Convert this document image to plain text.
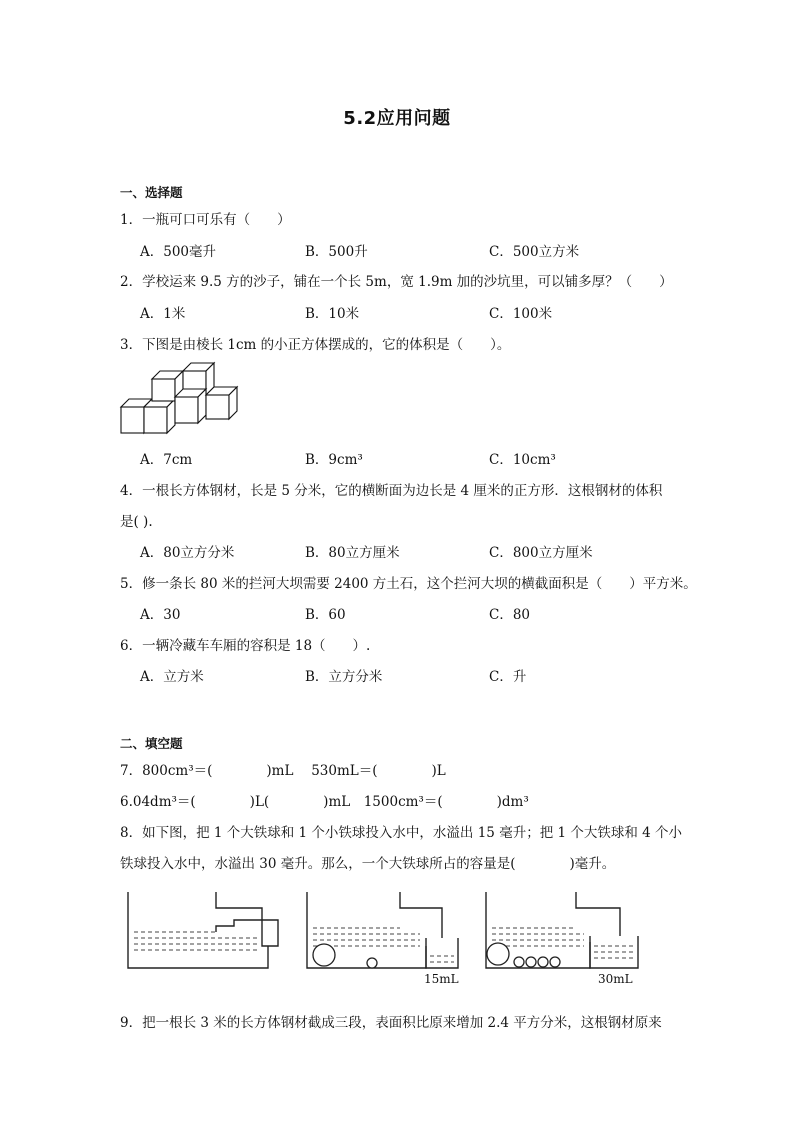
5.2应用问题
一、选择题
1．一瓶可口可乐有（　　）
A．500毫升	B．500升	C．500立方米
2．学校运来 9.5 方的沙子，铺在一个长 5m，宽 1.9m 加的沙坑里，可以铺多厚？（　　）
A．1米	B．10米	C．100米
3．下图是由棱长 1cm 的小正方体摆成的，它的体积是（　　）。
A．7cm	B．9cm³	C．10cm³
4．一根长方体钢材，长是 5 分米，它的横断面为边长是 4 厘米的正方形．这根钢材的体积
是( ).
A．80立方分米	B．80立方厘米	C．800立方厘米
5．修一条长 80 米的拦河大坝需要 2400 方土石，这个拦河大坝的横截面积是（　　）平方米。
A．30	B．60	C．80
6．一辆冷藏车车厢的容积是 18（　　）.
A．立方米	B．立方分米	C．升
二、填空题
7．800cm³＝(　　　　)mL　 530mL＝(　　　　)L
6.04dm³＝(　　　　)L(　　　　)mL　1500cm³＝(　　　　)dm³
8．如下图，把 1 个大铁球和 1 个小铁球投入水中，水溢出 15 毫升；把 1 个大铁球和 4 个小
铁球投入水中，水溢出 30 毫升。那么，一个大铁球所占的容量是(　　　　)毫升。
15mL	30mL
9．把一根长 3 米的长方体钢材截成三段，表面积比原来增加 2.4 平方分米，这根钢材原来
